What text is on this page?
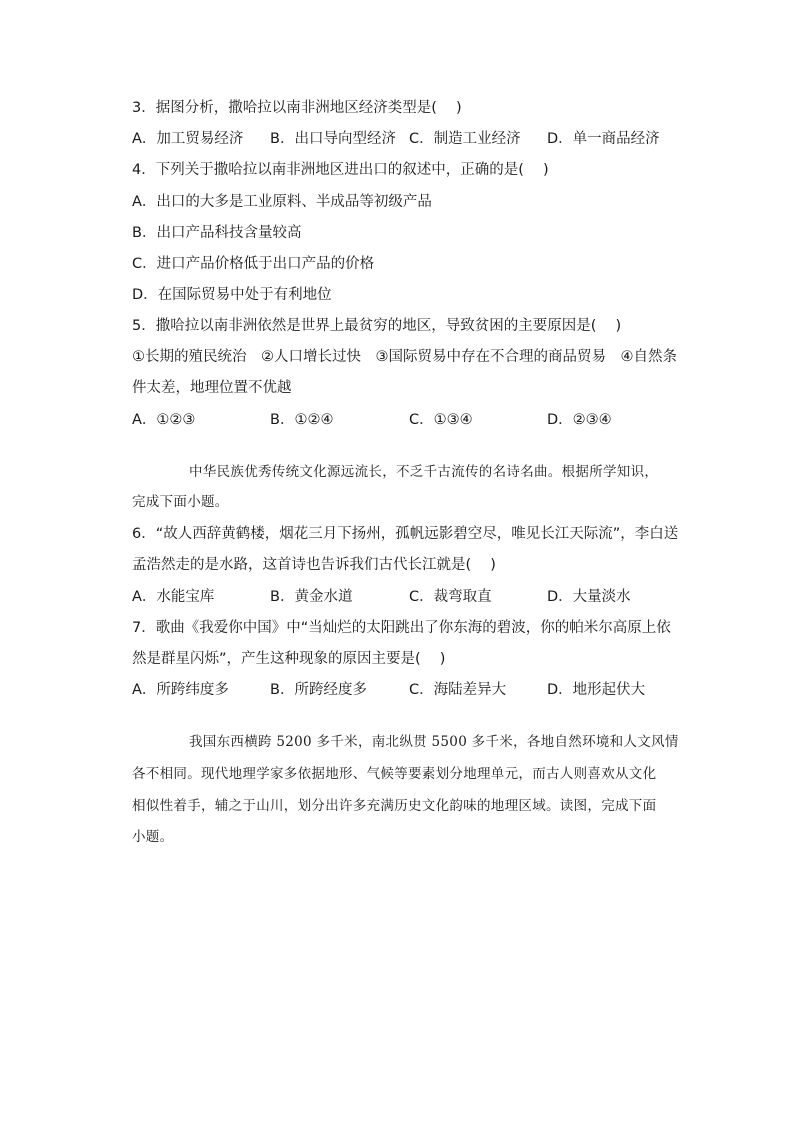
3．据图分析，撒哈拉以南非洲地区经济类型是(　 )
A．加工贸易经济 B．出口导向型经济 C．制造工业经济 D．单一商品经济
4．下列关于撒哈拉以南非洲地区进出口的叙述中，正确的是(　 )
A．出口的大多是工业原料、半成品等初级产品
B．出口产品科技含量较高
C．进口产品价格低于出口产品的价格
D．在国际贸易中处于有利地位
5．撒哈拉以南非洲依然是世界上最贫穷的地区，导致贫困的主要原因是(　 )
①长期的殖民统治　②人口增长过快　③国际贸易中存在不合理的商品贸易　④自然条
件太差，地理位置不优越
A．①②③	B．①②④	C．①③④	D．②③④
中华民族优秀传统文化源远流长，不乏千古流传的名诗名曲。根据所学知识，
完成下面小题。
6．“故人西辞黄鹤楼，烟花三月下扬州，孤帆远影碧空尽，唯见长江天际流”，李白送
孟浩然走的是水路，这首诗也告诉我们古代长江就是(　 )
A．水能宝库	B．黄金水道	C．裁弯取直	D．大量淡水
7．歌曲《我爱你中国》中“当灿烂的太阳跳出了你东海的碧波，你的帕米尔高原上依
然是群星闪烁”，产生这种现象的原因主要是(　 )
A．所跨纬度多	B．所跨经度多	C．海陆差异大	D．地形起伏大
我国东西横跨 5200 多千米，南北纵贯 5500 多千米，各地自然环境和人文风情
各不相同。现代地理学家多依据地形、气候等要素划分地理单元，而古人则喜欢从文化
相似性着手，辅之于山川，划分出许多充满历史文化韵味的地理区域。读图，完成下面
小题。
